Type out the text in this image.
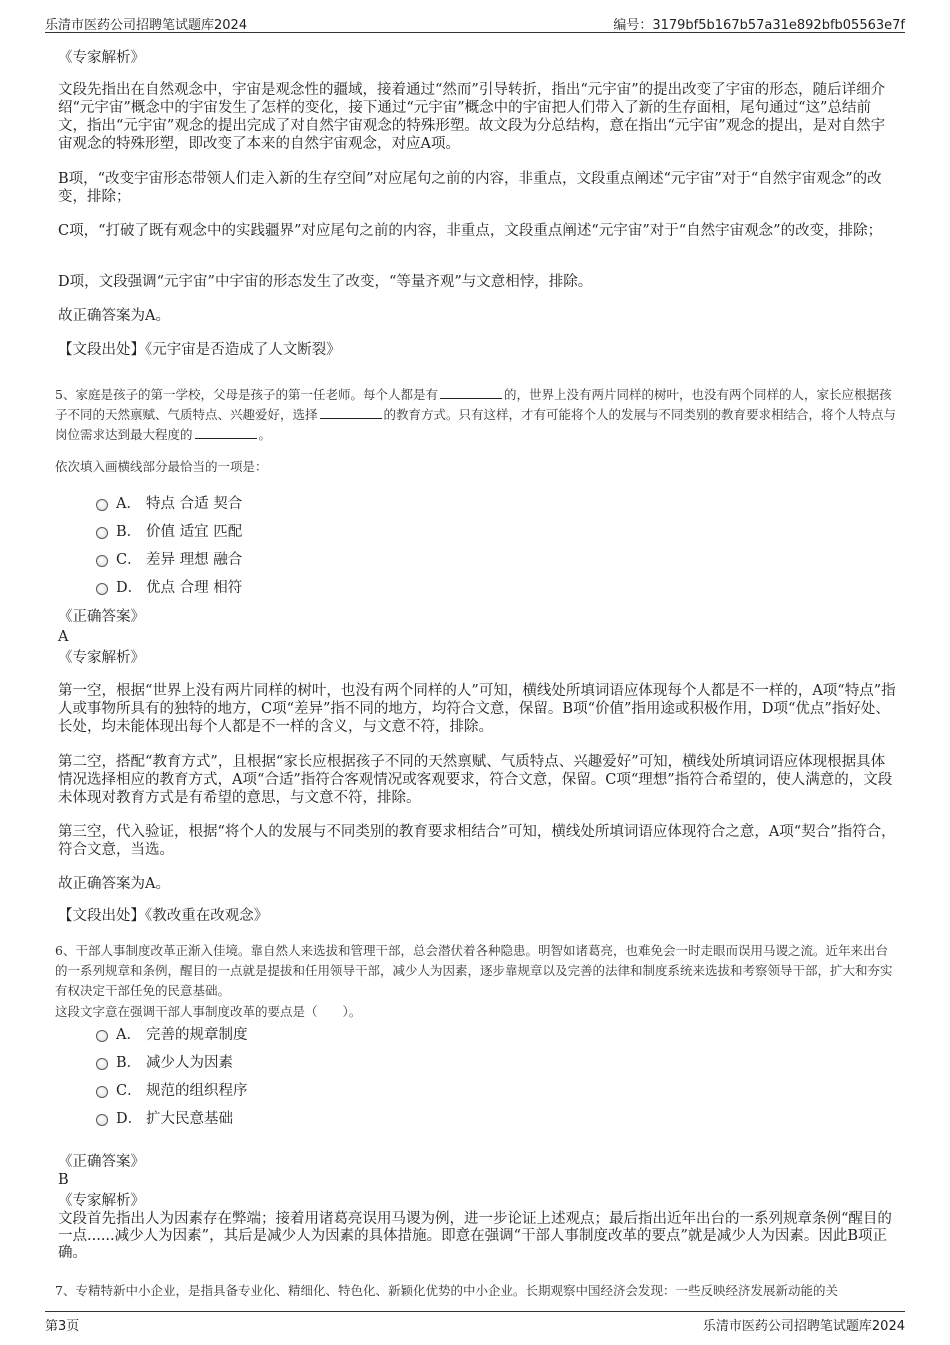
乐清市医药公司招聘笔试题库2024	编号：3179bf5b167b57a31e892bfb05563e7f

《专家解析》

文段先指出在自然观念中，宇宙是观念性的疆域，接着通过“然而”引导转折，指出“元宇宙”的提出改变了宇宙的形态，随后详细介绍“元宇宙”概念中的宇宙发生了怎样的变化，接下通过“元宇宙”概念中的宇宙把人们带入了新的生存面相，尾句通过“这”总结前文，指出“元宇宙”观念的提出完成了对自然宇宙观念的特殊形塑。故文段为分总结构，意在指出“元宇宙”观念的提出，是对自然宇宙观念的特殊形塑，即改变了本来的自然宇宙观念，对应A项。

B项，“改变宇宙形态带领人们走入新的生存空间”对应尾句之前的内容，非重点，文段重点阐述“元宇宙”对于“自然宇宙观念”的改变，排除；

C项，“打破了既有观念中的实践疆界”对应尾句之前的内容，非重点，文段重点阐述“元宇宙”对于“自然宇宙观念”的改变，排除；

D项，文段强调“元宇宙”中宇宙的形态发生了改变，“等量齐观”与文意相悖，排除。

故正确答案为A。

【文段出处】《元宇宙是否造成了人文断裂》

5、家庭是孩子的第一学校，父母是孩子的第一任老师。每个人都是有	的，世界上没有两片同样的树叶，也没有两个同样的人，家长应根据孩子不同的天然禀赋、气质特点、兴趣爱好，选择	的教育方式。只有这样，才有可能将个人的发展与不同类别的教育要求相结合，将个人特点与岗位需求达到最大程度的	。

依次填入画横线部分最恰当的一项是：

A． 特点 合适 契合
B． 价值 适宜 匹配
C． 差异 理想 融合
D． 优点 合理 相符

《正确答案》

A

《专家解析》

第一空，根据“世界上没有两片同样的树叶，也没有两个同样的人”可知，横线处所填词语应体现每个人都是不一样的，A项“特点”指人或事物所具有的独特的地方，C项“差异”指不同的地方，均符合文意，保留。B项“价值”指用途或积极作用，D项“优点”指好处、长处，均未能体现出每个人都是不一样的含义，与文意不符，排除。

第二空，搭配“教育方式”，且根据“家长应根据孩子不同的天然禀赋、气质特点、兴趣爱好”可知，横线处所填词语应体现根据具体情况选择相应的教育方式，A项“合适”指符合客观情况或客观要求，符合文意，保留。C项“理想”指符合希望的，使人满意的，文段未体现对教育方式是有希望的意思，与文意不符，排除。

第三空，代入验证，根据“将个人的发展与不同类别的教育要求相结合”可知，横线处所填词语应体现符合之意，A项“契合”指符合，符合文意，当选。

故正确答案为A。

【文段出处】《教改重在改观念》

6、干部人事制度改革正渐入佳境。靠自然人来选拔和管理干部，总会潜伏着各种隐患。明智如诸葛亮，也难免会一时走眼而误用马谡之流。近年来出台的一系列规章和条例，醒目的一点就是提拔和任用领导干部，减少人为因素，逐步靠规章以及完善的法律和制度系统来选拔和考察领导干部，扩大和夯实有权决定干部任免的民意基础。

这段文字意在强调干部人事制度改革的要点是（　　）。

A． 完善的规章制度
B． 减少人为因素
C． 规范的组织程序
D． 扩大民意基础

《正确答案》

B

《专家解析》

文段首先指出人为因素存在弊端；接着用诸葛亮误用马谡为例，进一步论证上述观点；最后指出近年出台的一系列规章条例“醒目的一点......减少人为因素”，其后是减少人为因素的具体措施。即意在强调“干部人事制度改革的要点”就是减少人为因素。因此B项正确。

7、专精特新中小企业，是指具备专业化、精细化、特色化、新颖化优势的中小企业。长期观察中国经济会发现：一些反映经济发展新动能的关

第3页	乐清市医药公司招聘笔试题库2024
